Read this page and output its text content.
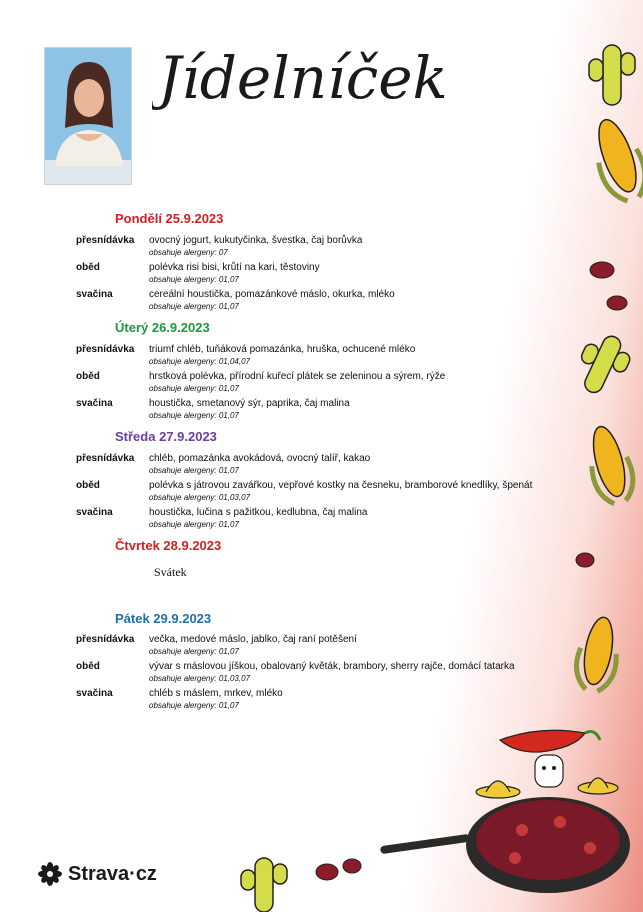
Jídelníček
Pondělí 25.9.2023
přesnídávka ovocný jogurt, kukutyčinka, švestka, čaj borůvka
obsahuje alergeny: 07
oběd	polévka risi bisi, krůtí na kari, těstoviny
obsahuje alergeny: 01,07
svačina	cereální houstička, pomazánkové máslo, okurka, mléko
obsahuje alergeny: 01,07
Úterý 26.9.2023
přesnídávka triumf chléb, tuňáková pomazánka, hruška, ochucené mléko
obsahuje alergeny: 01,04,07
oběd	hrstková polévka, přírodní kuřecí plátek se zeleninou a sýrem, rýže
obsahuje alergeny: 01,07
svačina	houstička, smetanový sýr, paprika, čaj malina
obsahuje alergeny: 01,07
Středa 27.9.2023
přesnídávka chléb, pomazánka avokádová, ovocný talíř, kakao
obsahuje alergeny: 01,07
oběd	polévka s játrovou zavářkou, vepřové kostky na česneku, bramborové knedlíky, špenát
obsahuje alergeny: 01,03,07
svačina	houstička, lučina s pažitkou, kedlubna, čaj malina
obsahuje alergeny: 01,07
Čtvrtek 28.9.2023
Svátek
Pátek 29.9.2023
přesnídávka večka, medové máslo, jablko, čaj raní potěšení
obsahuje alergeny: 01,07
oběd	vývar s máslovou jíškou, obalovaný květák, brambory, sherry rajče, domácí tatarka
obsahuje alergeny: 01,03,07
svačina	chléb s máslem, mrkev, mléko
obsahuje alergeny: 01,07
Strava·cz
